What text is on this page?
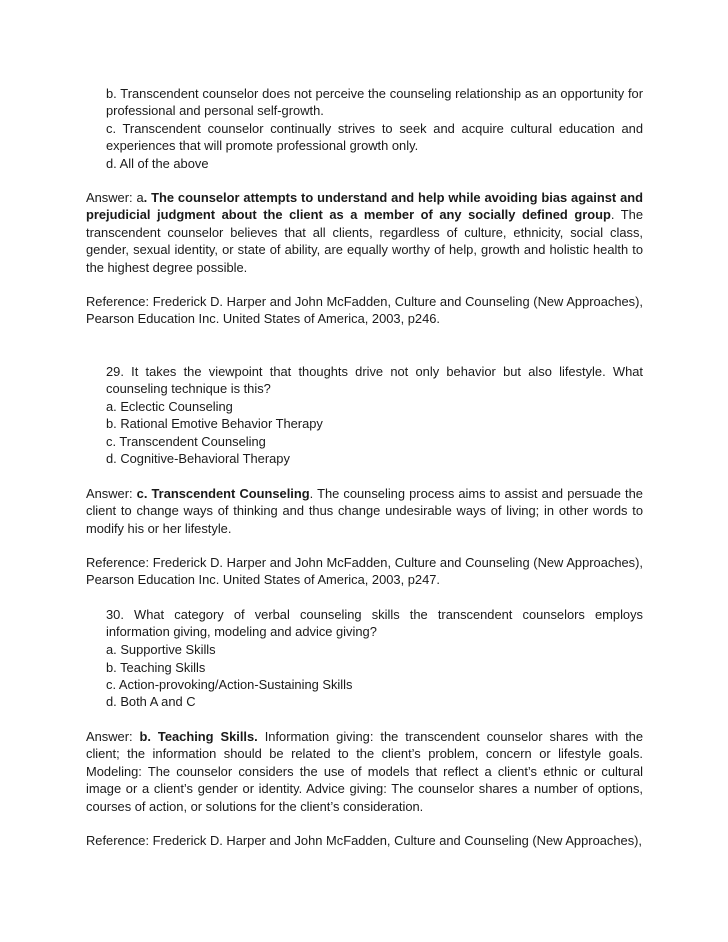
b. Transcendent counselor does not perceive the counseling relationship as an opportunity for professional and personal self-growth.

c. Transcendent counselor continually strives to seek and acquire cultural education and experiences that will promote professional growth only.

d. All of the above

Answer: a. The counselor attempts to understand and help while avoiding bias against and prejudicial judgment about the client as a member of any socially defined group. The transcendent counselor believes that all clients, regardless of culture, ethnicity, social class, gender, sexual identity, or state of ability, are equally worthy of help, growth and holistic health to the highest degree possible.

Reference: Frederick D. Harper and John McFadden, Culture and Counseling (New Approaches), Pearson Education Inc. United States of America, 2003, p246.

29. It takes the viewpoint that thoughts drive not only behavior but also lifestyle. What counseling technique is this?

a. Eclectic Counseling

b. Rational Emotive Behavior Therapy

c. Transcendent Counseling

d. Cognitive-Behavioral Therapy

Answer: c. Transcendent Counseling. The counseling process aims to assist and persuade the client to change ways of thinking and thus change undesirable ways of living; in other words to modify his or her lifestyle.

Reference: Frederick D. Harper and John McFadden, Culture and Counseling (New Approaches), Pearson Education Inc. United States of America, 2003, p247.

30. What category of verbal counseling skills the transcendent counselors employs information giving, modeling and advice giving?

a. Supportive Skills

b. Teaching Skills

c. Action-provoking/Action-Sustaining Skills

d. Both A and C

Answer: b. Teaching Skills. Information giving: the transcendent counselor shares with the client; the information should be related to the client’s problem, concern or lifestyle goals. Modeling: The counselor considers the use of models that reflect a client’s ethnic or cultural image or a client’s gender or identity. Advice giving: The counselor shares a number of options, courses of action, or solutions for the client’s consideration.

Reference: Frederick D. Harper and John McFadden, Culture and Counseling (New Approaches),
